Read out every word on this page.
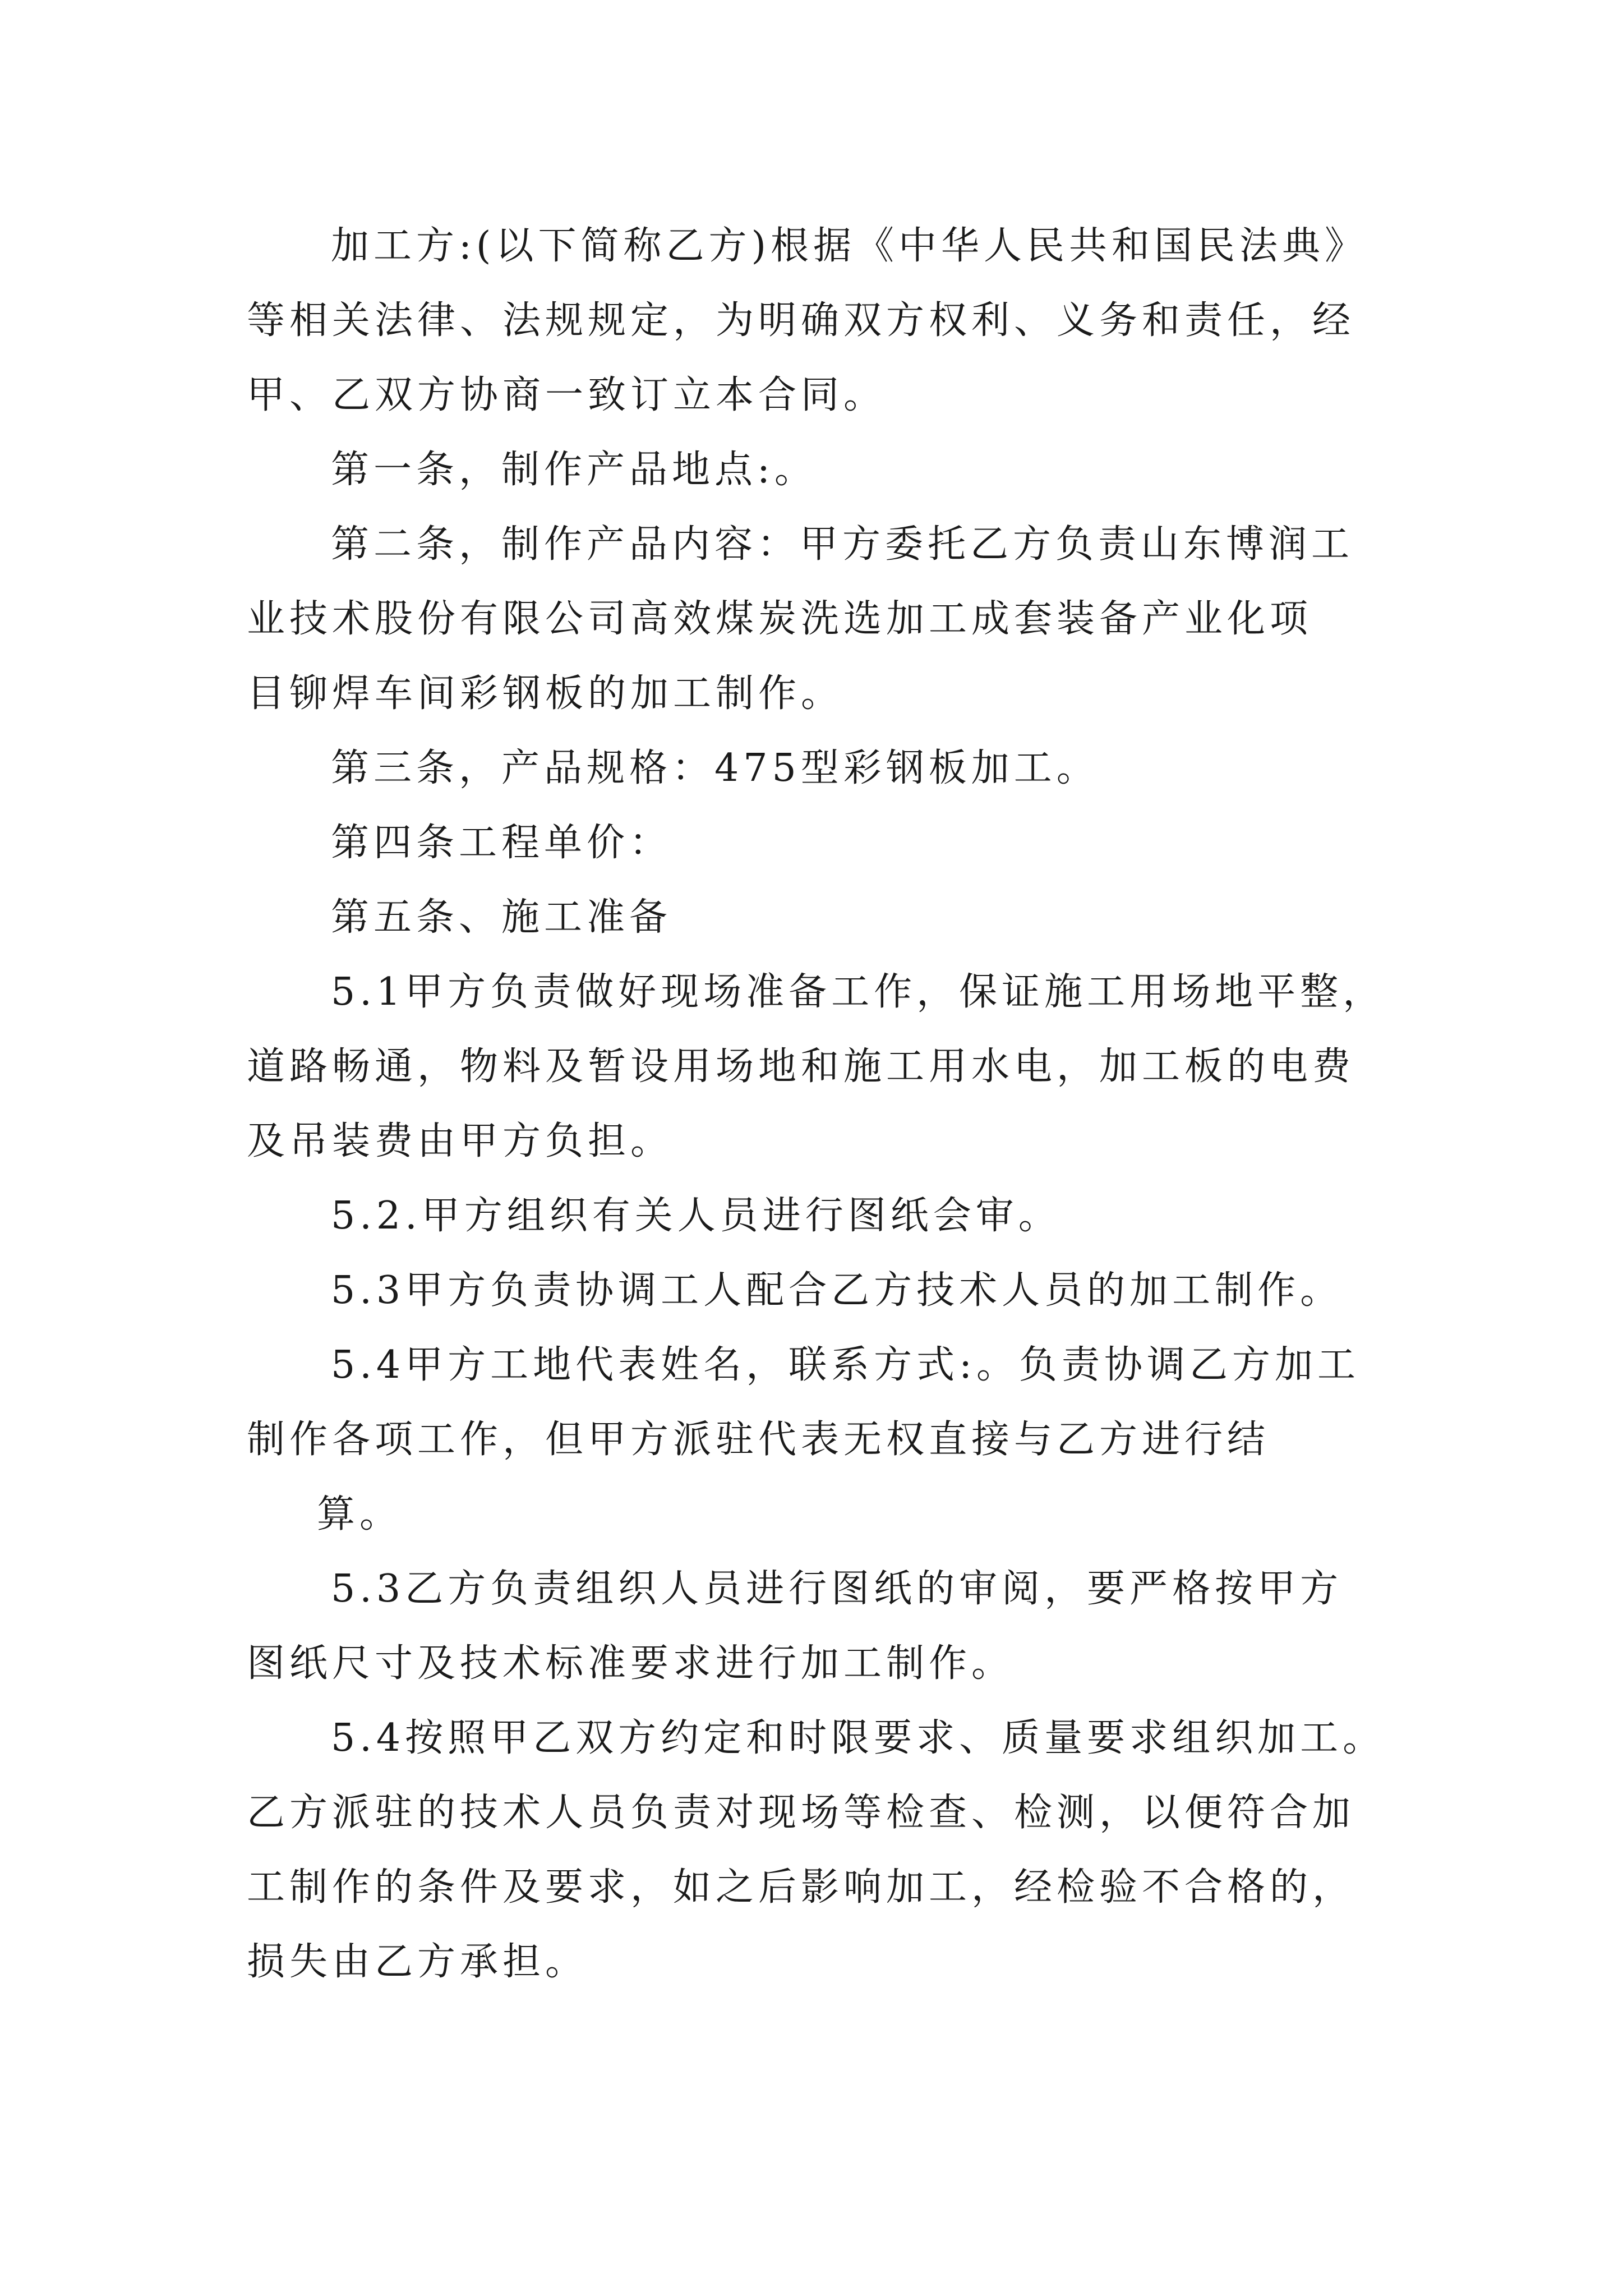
加工方:(以下简称乙方)根据《中华人民共和国民法典》

等相关法律、法规规定，为明确双方权利、义务和责任，经

甲、乙双方协商一致订立本合同。

第一条，制作产品地点:。

第二条，制作产品内容：甲方委托乙方负责山东博润工

业技术股份有限公司高效煤炭洗选加工成套装备产业化项

目铆焊车间彩钢板的加工制作。

第三条，产品规格：475型彩钢板加工。

第四条工程单价：

第五条、施工准备

5.1甲方负责做好现场准备工作，保证施工用场地平整，

道路畅通，物料及暂设用场地和施工用水电，加工板的电费

及吊装费由甲方负担。

5.2.甲方组织有关人员进行图纸会审。

5.3甲方负责协调工人配合乙方技术人员的加工制作。

5.4甲方工地代表姓名，联系方式:。负责协调乙方加工

制作各项工作，但甲方派驻代表无权直接与乙方进行结

算。

5.3乙方负责组织人员进行图纸的审阅，要严格按甲方

图纸尺寸及技术标准要求进行加工制作。

5.4按照甲乙双方约定和时限要求、质量要求组织加工。

乙方派驻的技术人员负责对现场等检查、检测，以便符合加

工制作的条件及要求，如之后影响加工，经检验不合格的，

损失由乙方承担。
